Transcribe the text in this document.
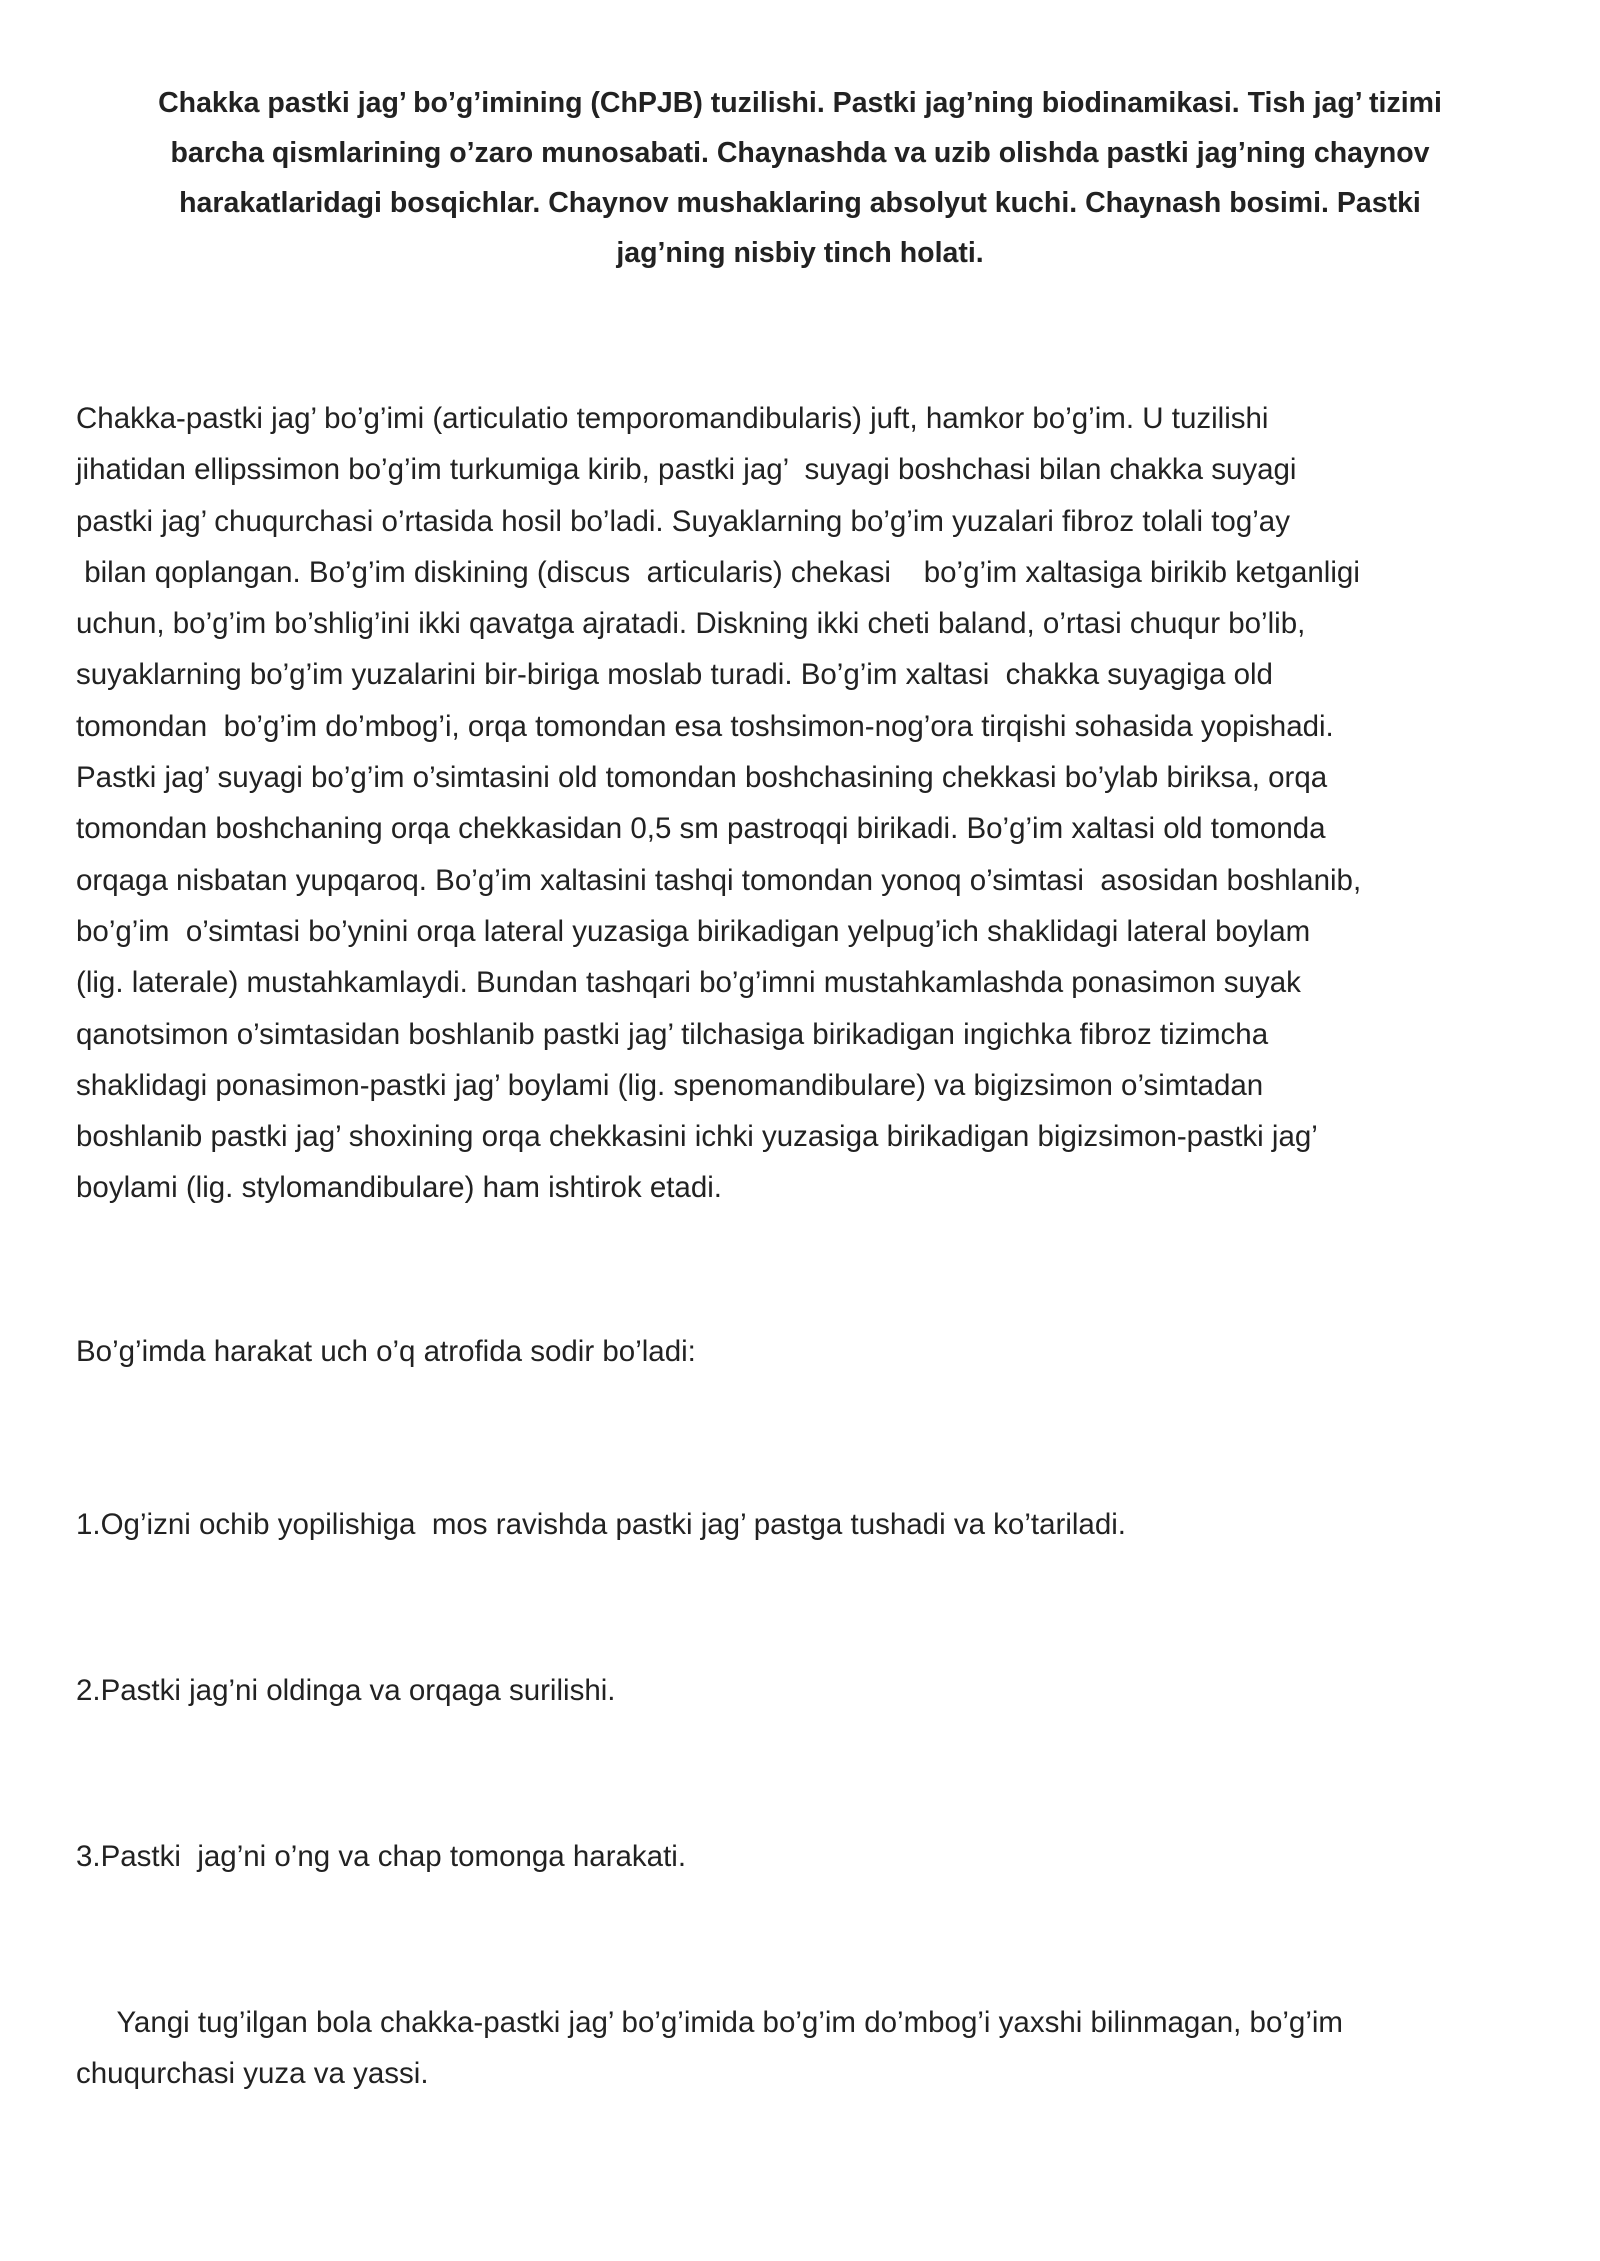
Chakka pastki jag’ bo’g’imining (ChPJB) tuzilishi. Pastki jag’ning biodinamikasi. Tish jag’ tizimi
barcha qismlarining o’zaro munosabati. Chaynashda va uzib olishda pastki jag’ning chaynov
harakatlaridagi bosqichlar. Chaynov mushaklaring absolyut kuchi. Chaynash bosimi. Pastki
jag’ning nisbiy tinch holati.

Chakka-pastki jag’ bo’g’imi (articulatio temporomandibularis) juft, hamkor bo’g’im. U tuzilishi
jihatidan ellipssimon bo’g’im turkumiga kirib, pastki jag’  suyagi boshchasi bilan chakka suyagi
pastki jag’ chuqurchasi o’rtasida hosil bo’ladi. Suyaklarning bo’g’im yuzalari fibroz tolali tog’ay
bilan qoplangan. Bo’g’im diskining (discus  articularis) chekasi    bo’g’im xaltasiga birikib ketganligi
uchun, bo’g’im bo’shlig’ini ikki qavatga ajratadi. Diskning ikki cheti baland, o’rtasi chuqur bo’lib,
suyaklarning bo’g’im yuzalarini bir-biriga moslab turadi. Bo’g’im xaltasi  chakka suyagiga old
tomondan  bo’g’im do’mbog’i, orqa tomondan esa toshsimon-nog’ora tirqishi sohasida yopishadi.
Pastki jag’ suyagi bo’g’im o’simtasini old tomondan boshchasining chekkasi bo’ylab biriksa, orqa
tomondan boshchaning orqa chekkasidan 0,5 sm pastroqqi birikadi. Bo’g’im xaltasi old tomonda
orqaga nisbatan yupqaroq. Bo’g’im xaltasini tashqi tomondan yonoq o’simtasi  asosidan boshlanib,
bo’g’im  o’simtasi bo’ynini orqa lateral yuzasiga birikadigan yelpug’ich shaklidagi lateral boylam
(lig. laterale) mustahkamlaydi. Bundan tashqari bo’g’imni mustahkamlashda ponasimon suyak
qanotsimon o’simtasidan boshlanib pastki jag’ tilchasiga birikadigan ingichka fibroz tizimcha
shaklidagi ponasimon-pastki jag’ boylami (lig. spenomandibulare) va bigizsimon o’simtadan
boshlanib pastki jag’ shoxining orqa chekkasini ichki yuzasiga birikadigan bigizsimon-pastki jag’
boylami (lig. stylomandibulare) ham ishtirok etadi.

Bo’g’imda harakat uch o’q atrofida sodir bo’ladi:

1.Og’izni ochib yopilishiga  mos ravishda pastki jag’ pastga tushadi va ko’tariladi.

2.Pastki jag’ni oldinga va orqaga surilishi.

3.Pastki  jag’ni o’ng va chap tomonga harakati.

Yangi tug’ilgan bola chakka-pastki jag’ bo’g’imida bo’g’im do’mbog’i yaxshi bilinmagan, bo’g’im
chuqurchasi yuza va yassi.
